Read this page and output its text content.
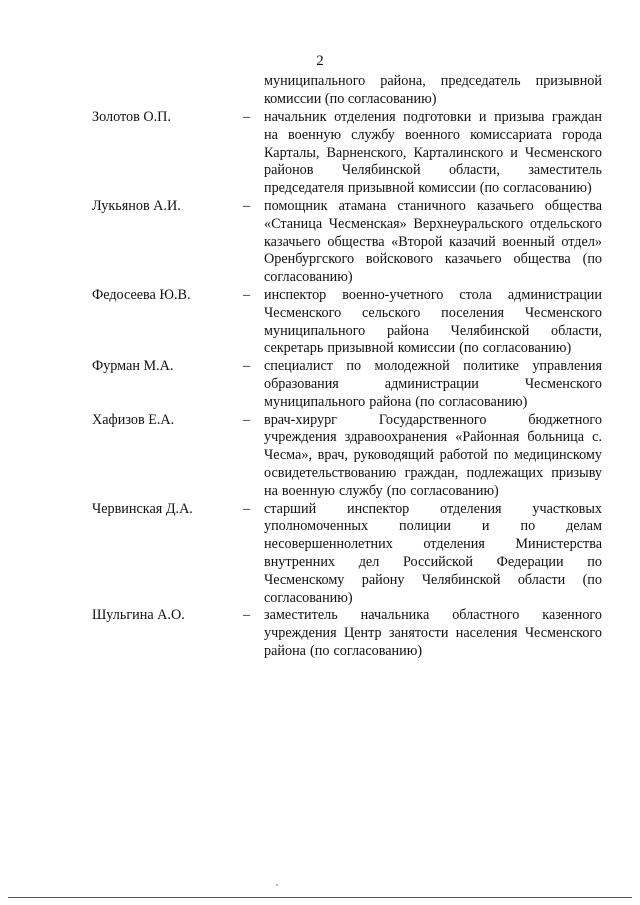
2
муниципального района, председатель призывной комиссии (по согласованию)
Золотов О.П.	– начальник отделения подготовки и призыва граждан на военную службу военного комиссариата города Карталы, Варненского, Карталинского и Чесменского районов Челябинской области, заместитель председателя призывной комиссии (по согласованию)
Лукьянов А.И.	– помощник атамана станичного казачьего общества «Станица Чесменская» Верхнеуральского отдельского казачьего общества «Второй казачий военный отдел» Оренбургского войскового казачьего общества (по согласованию)
Федосеева Ю.В.	– инспектор военно-учетного стола администрации Чесменского сельского поселения Чесменского муниципального района Челябинской области, секретарь призывной комиссии (по согласованию)
Фурман М.А.	– специалист по молодежной политике управления образования администрации Чесменского муниципального района (по согласованию)
Хафизов Е.А.	– врач-хирург Государственного бюджетного учреждения здравоохранения «Районная больница с. Чесма», врач, руководящий работой по медицинскому освидетельствованию граждан, подлежащих призыву на военную службу (по согласованию)
Червинская Д.А.	– старший инспектор отделения участковых уполномоченных полиции и по делам несовершеннолетних отделения Министерства внутренних дел Российской Федерации по Чесменскому району Челябинской области (по согласованию)
Шульгина А.О.	– заместитель начальника областного казенного учреждения Центр занятости населения Чесменского района (по согласованию)
